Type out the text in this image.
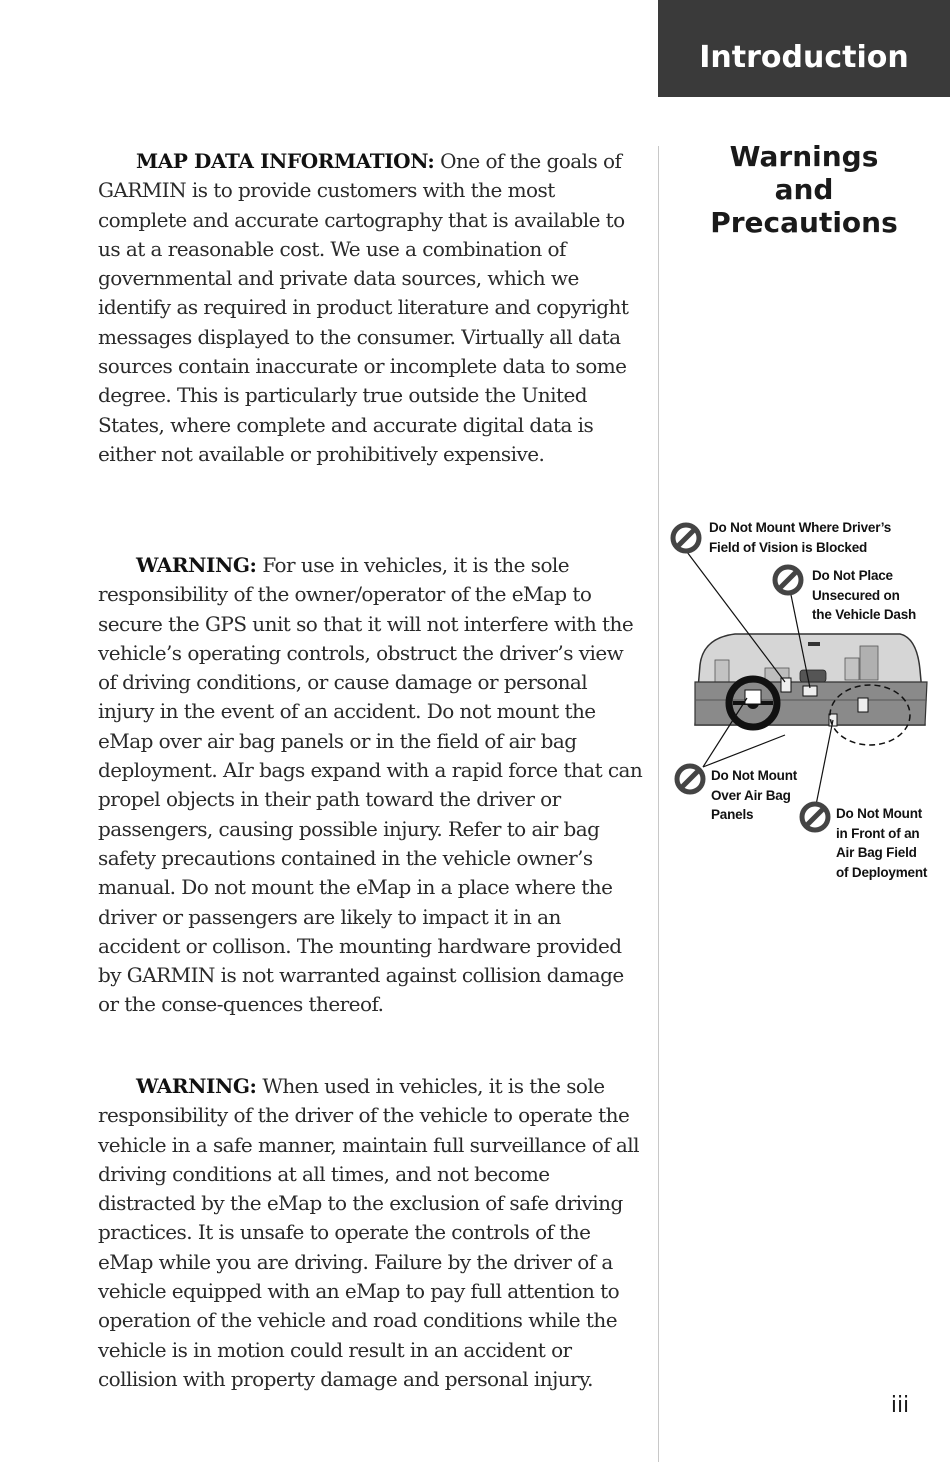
Introduction
Warnings
and
Precautions

MAP DATA INFORMATION: One of the goals of GARMIN is to provide customers with the most complete and accurate cartography that is available to us at a reasonable cost. We use a combination of governmental and private data sources, which we identify as required in product literature and copyright messages displayed to the consumer. Virtually all data sources contain inaccurate or incomplete data to some degree. This is particularly true outside the United States, where complete and accurate digital data is either not available or prohibitively expensive.

WARNING: For use in vehicles, it is the sole responsibility of the owner/operator of the eMap to secure the GPS unit so that it will not interfere with the vehicle’s operating controls, obstruct the driver’s view of driving conditions, or cause damage or personal injury in the event of an accident. Do not mount the eMap over air bag panels or in the field of air bag deployment. AIr bags expand with a rapid force that can propel objects in their path toward the driver or passengers, causing possible injury. Refer to air bag safety precautions contained in the vehicle owner’s manual. Do not mount the eMap in a place where the driver or passengers are likely to impact it in an accident or collison. The mounting hardware provided by GARMIN is not warranted against collision damage or the conse-quences thereof.

WARNING: When used in vehicles, it is the sole responsibility of the driver of the vehicle to operate the vehicle in a safe manner, maintain full surveillance of all driving conditions at all times, and not become distracted by the eMap to the exclusion of safe driving practices. It is unsafe to operate the controls of the eMap while you are driving. Failure by the driver of a vehicle equipped with an eMap to pay full attention to operation of the vehicle and road conditions while the vehicle is in motion could result in an accident or collision with property damage and personal injury.

Do Not Mount Where Driver’s
Field of Vision is Blocked
Do Not Place
Unsecured on
the Vehicle Dash
Do Not Mount
Over Air Bag
Panels	Do Not Mount
in Front of an
Air Bag Field
of Deployment
iii
